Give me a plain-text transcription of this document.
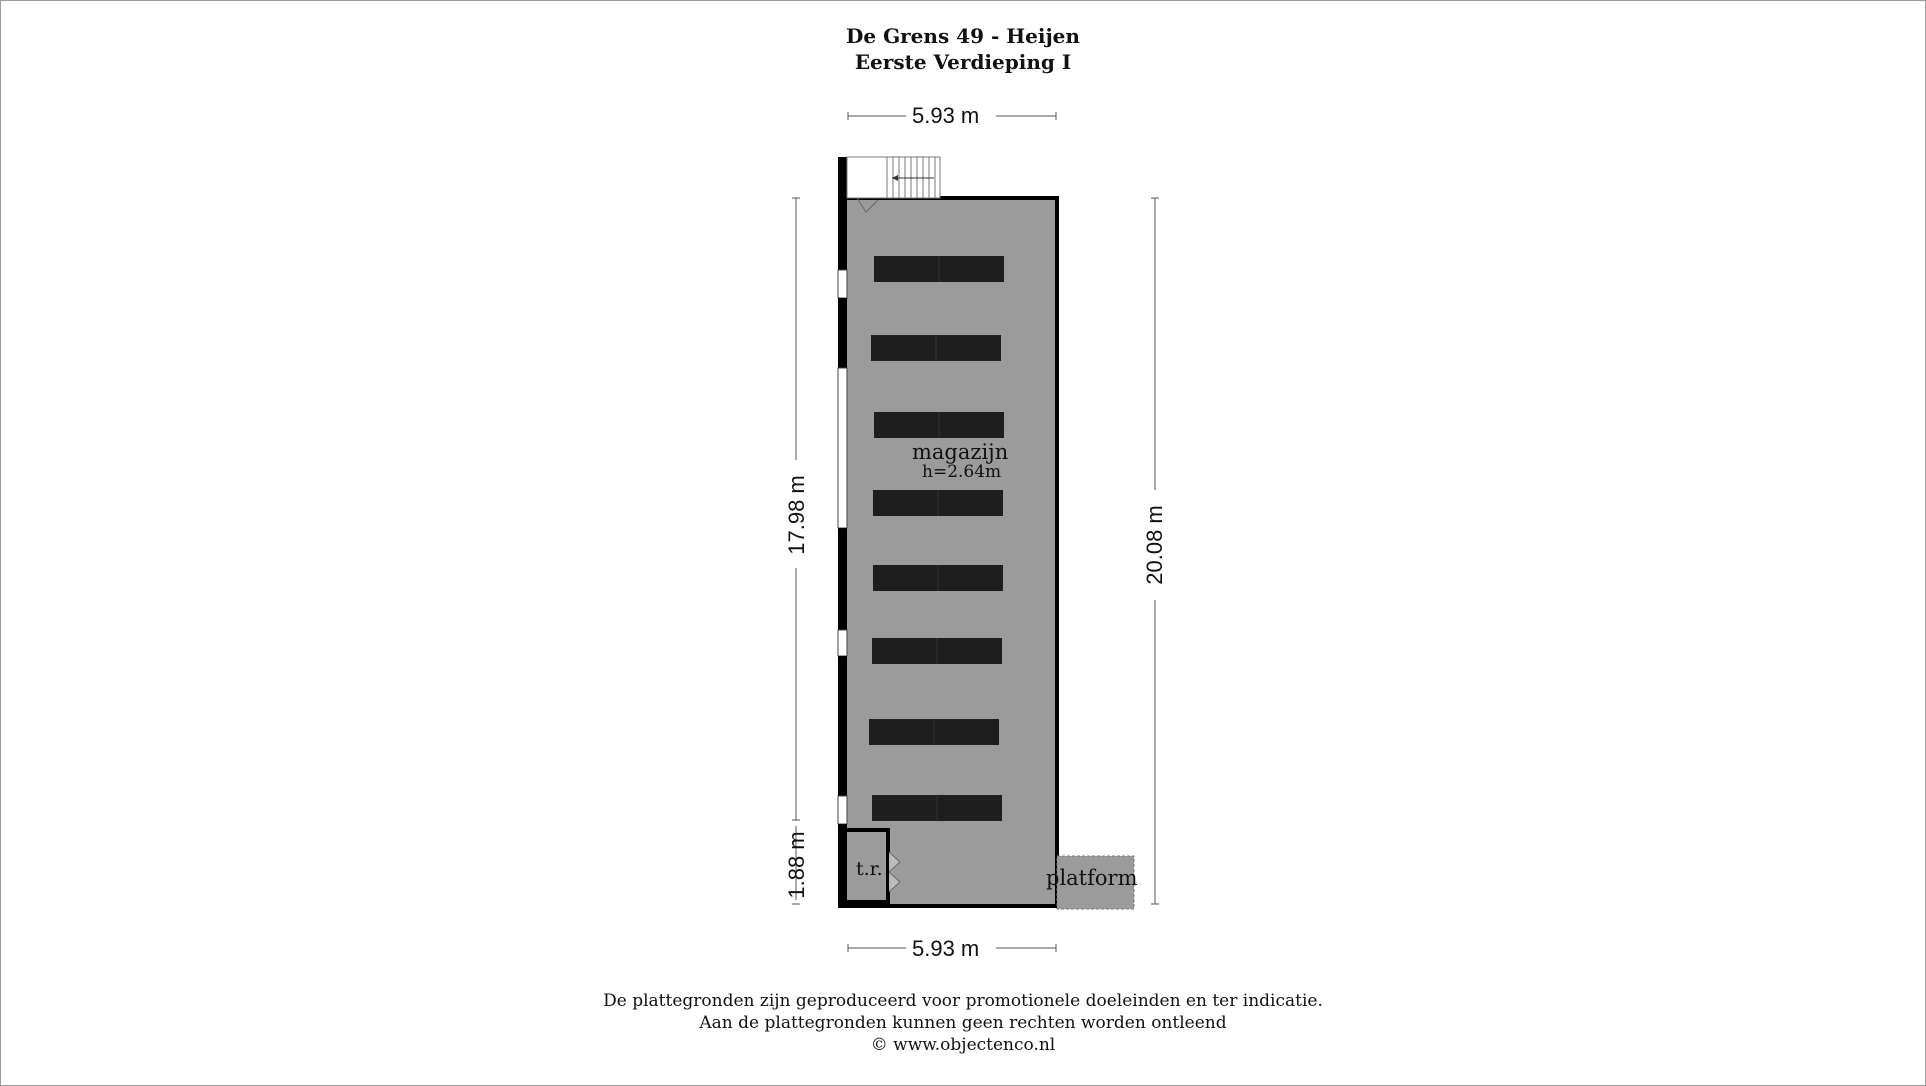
De Grens 49 - Heijen
Eerste Verdieping I
5.93 m
5.93 m
17.98 m
1.88 m
20.08 m
magazijn
h=2.64m
t.r.	platform
De plattegronden zijn geproduceerd voor promotionele doeleinden en ter indicatie.
Aan de plattegronden kunnen geen rechten worden ontleend
© www.objectenco.nl
